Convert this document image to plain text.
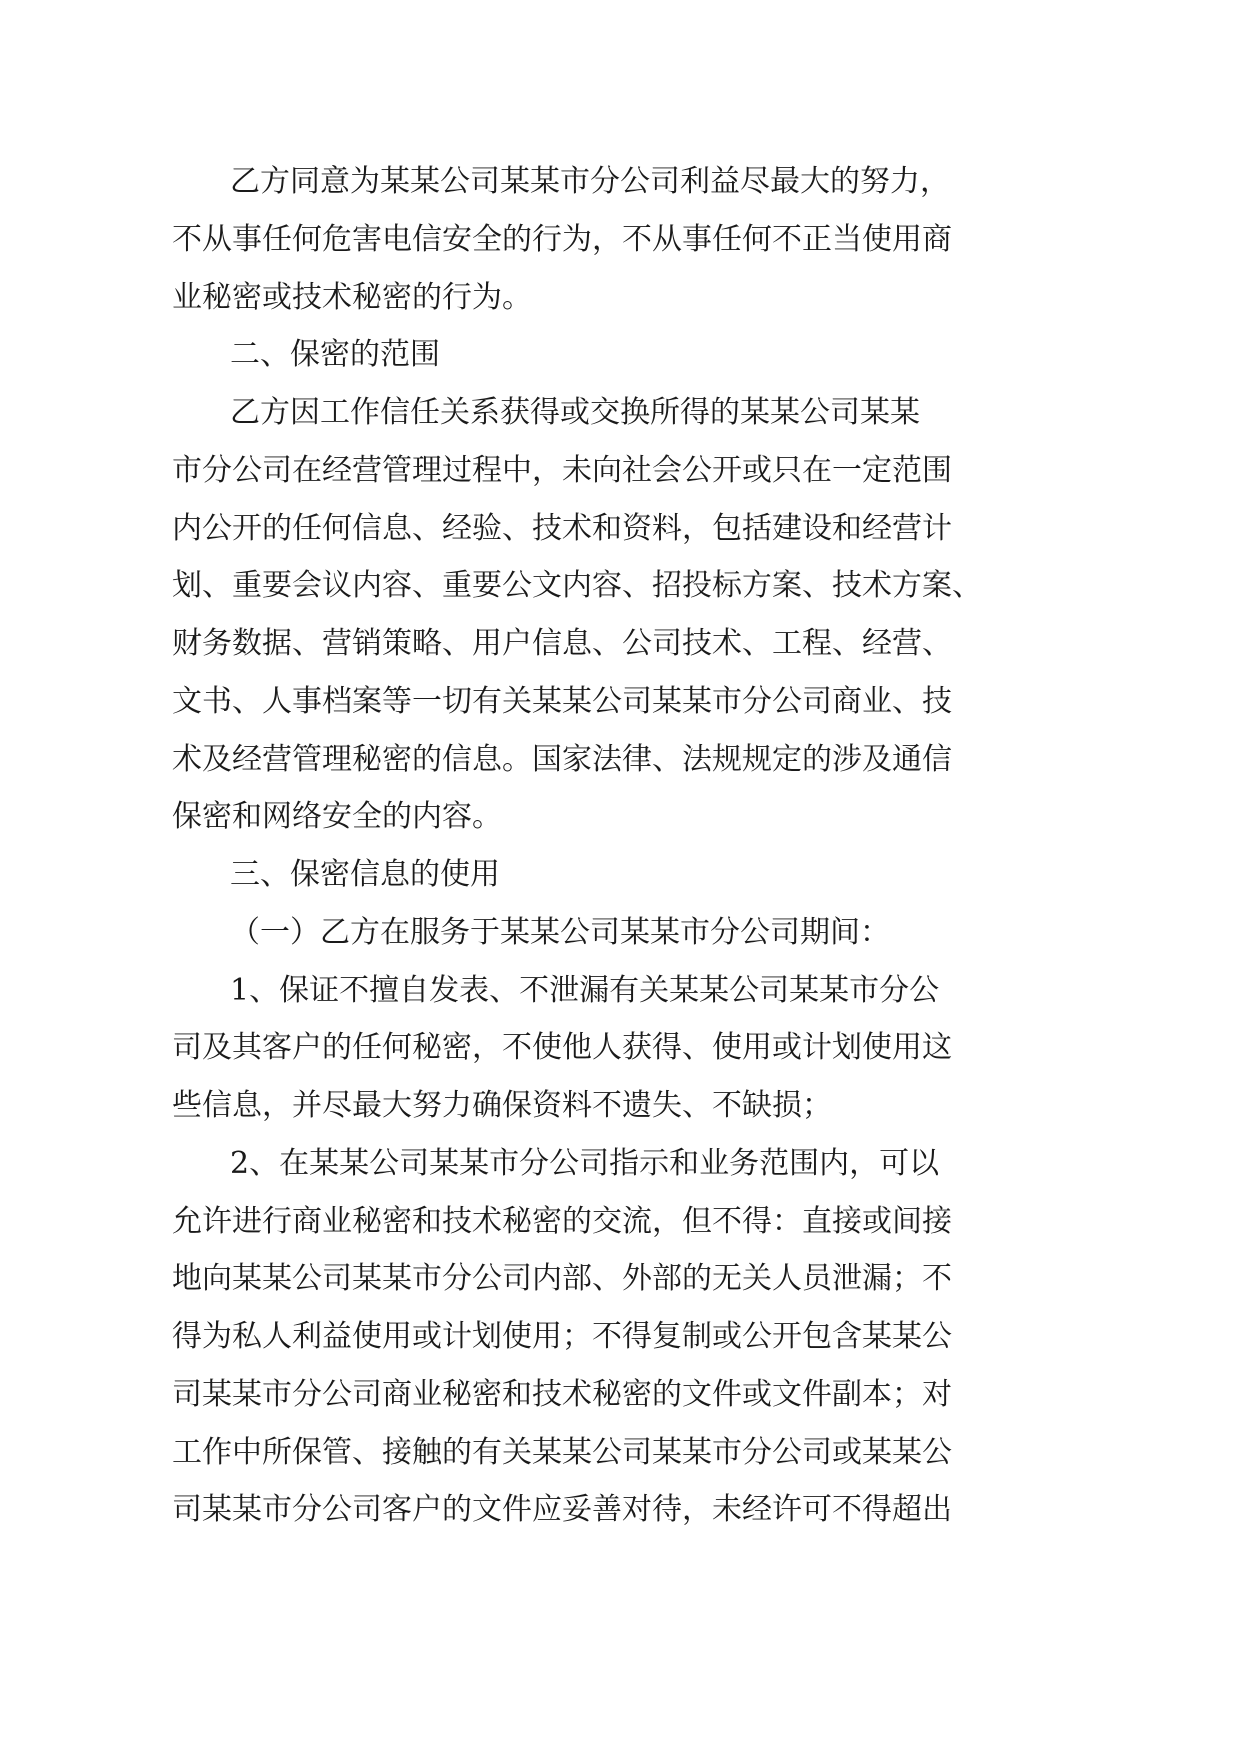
乙方同意为某某公司某某市分公司利益尽最大的努力，
不从事任何危害电信安全的行为，不从事任何不正当使用商
业秘密或技术秘密的行为。
二、保密的范围
乙方因工作信任关系获得或交换所得的某某公司某某
市分公司在经营管理过程中，未向社会公开或只在一定范围
内公开的任何信息、经验、技术和资料，包括建设和经营计
划、重要会议内容、重要公文内容、招投标方案、技术方案、
财务数据、营销策略、用户信息、公司技术、工程、经营、
文书、人事档案等一切有关某某公司某某市分公司商业、技
术及经营管理秘密的信息。国家法律、法规规定的涉及通信
保密和网络安全的内容。
三、保密信息的使用
（一）乙方在服务于某某公司某某市分公司期间：
1、保证不擅自发表、不泄漏有关某某公司某某市分公
司及其客户的任何秘密，不使他人获得、使用或计划使用这
些信息，并尽最大努力确保资料不遗失、不缺损；
2、在某某公司某某市分公司指示和业务范围内，可以
允许进行商业秘密和技术秘密的交流，但不得：直接或间接
地向某某公司某某市分公司内部、外部的无关人员泄漏；不
得为私人利益使用或计划使用；不得复制或公开包含某某公
司某某市分公司商业秘密和技术秘密的文件或文件副本；对
工作中所保管、接触的有关某某公司某某市分公司或某某公
司某某市分公司客户的文件应妥善对待，未经许可不得超出
